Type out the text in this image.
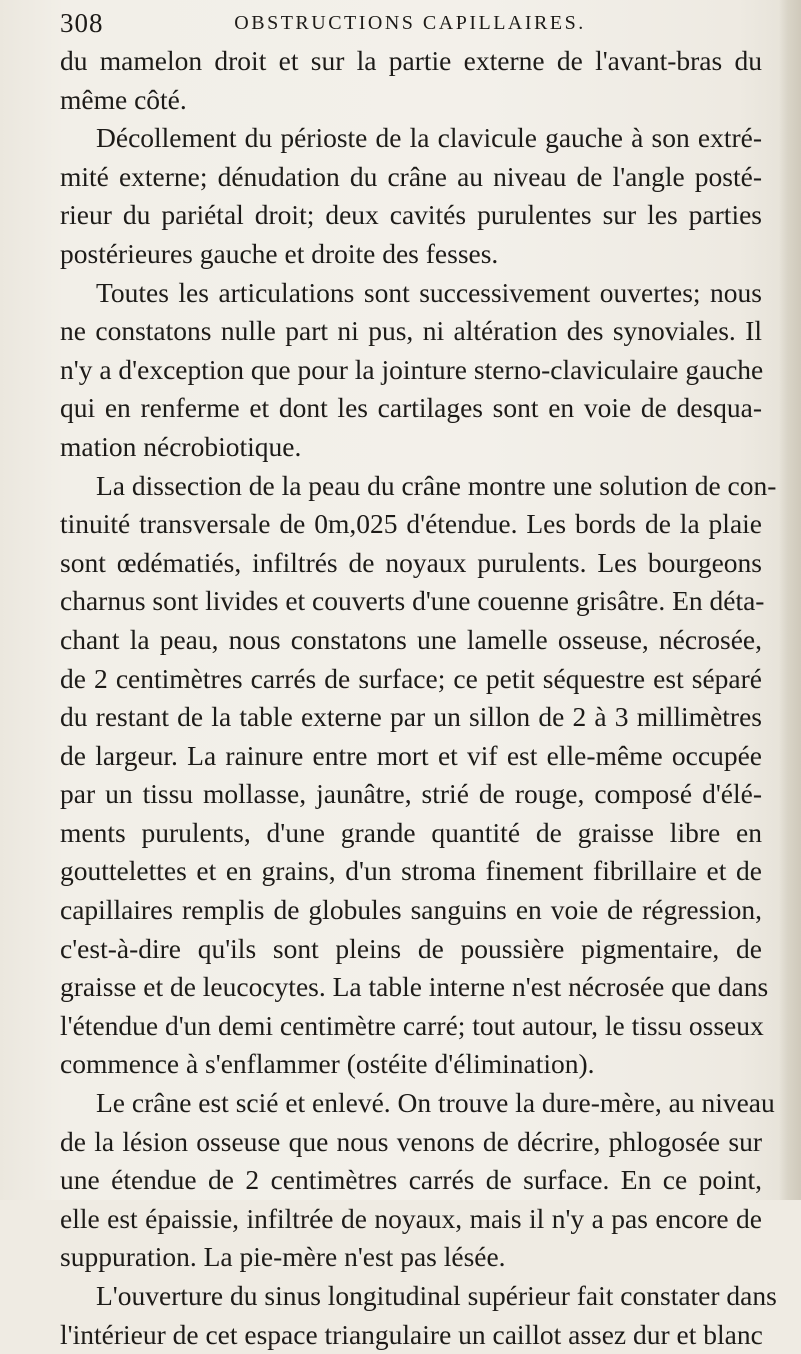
308	OBSTRUCTIONS CAPILLAIRES.
du mamelon droit et sur la partie externe de l'avant-bras du
même côté.
Décollement du périoste de la clavicule gauche à son extré-
mité externe; dénudation du crâne au niveau de l'angle posté-
rieur du pariétal droit; deux cavités purulentes sur les parties
postérieures gauche et droite des fesses.
Toutes les articulations sont successivement ouvertes; nous
ne constatons nulle part ni pus, ni altération des synoviales. Il
n'y a d'exception que pour la jointure sterno-claviculaire gauche
qui en renferme et dont les cartilages sont en voie de desqua-
mation nécrobiotique.
La dissection de la peau du crâne montre une solution de con-
tinuité transversale de 0m,025 d'étendue. Les bords de la plaie
sont œdématiés, infiltrés de noyaux purulents. Les bourgeons
charnus sont livides et couverts d'une couenne grisâtre. En déta-
chant la peau, nous constatons une lamelle osseuse, nécrosée,
de 2 centimètres carrés de surface; ce petit séquestre est séparé
du restant de la table externe par un sillon de 2 à 3 millimètres
de largeur. La rainure entre mort et vif est elle-même occupée
par un tissu mollasse, jaunâtre, strié de rouge, composé d'élé-
ments purulents, d'une grande quantité de graisse libre en
gouttelettes et en grains, d'un stroma finement fibrillaire et de
capillaires remplis de globules sanguins en voie de régression,
c'est-à-dire qu'ils sont pleins de poussière pigmentaire, de
graisse et de leucocytes. La table interne n'est nécrosée que dans
l'étendue d'un demi centimètre carré; tout autour, le tissu osseux
commence à s'enflammer (ostéite d'élimination).
Le crâne est scié et enlevé. On trouve la dure-mère, au niveau
de la lésion osseuse que nous venons de décrire, phlogosée sur
une étendue de 2 centimètres carrés de surface. En ce point,
elle est épaissie, infiltrée de noyaux, mais il n'y a pas encore de
suppuration. La pie-mère n'est pas lésée.
L'ouverture du sinus longitudinal supérieur fait constater dans
l'intérieur de cet espace triangulaire un caillot assez dur et blanc
